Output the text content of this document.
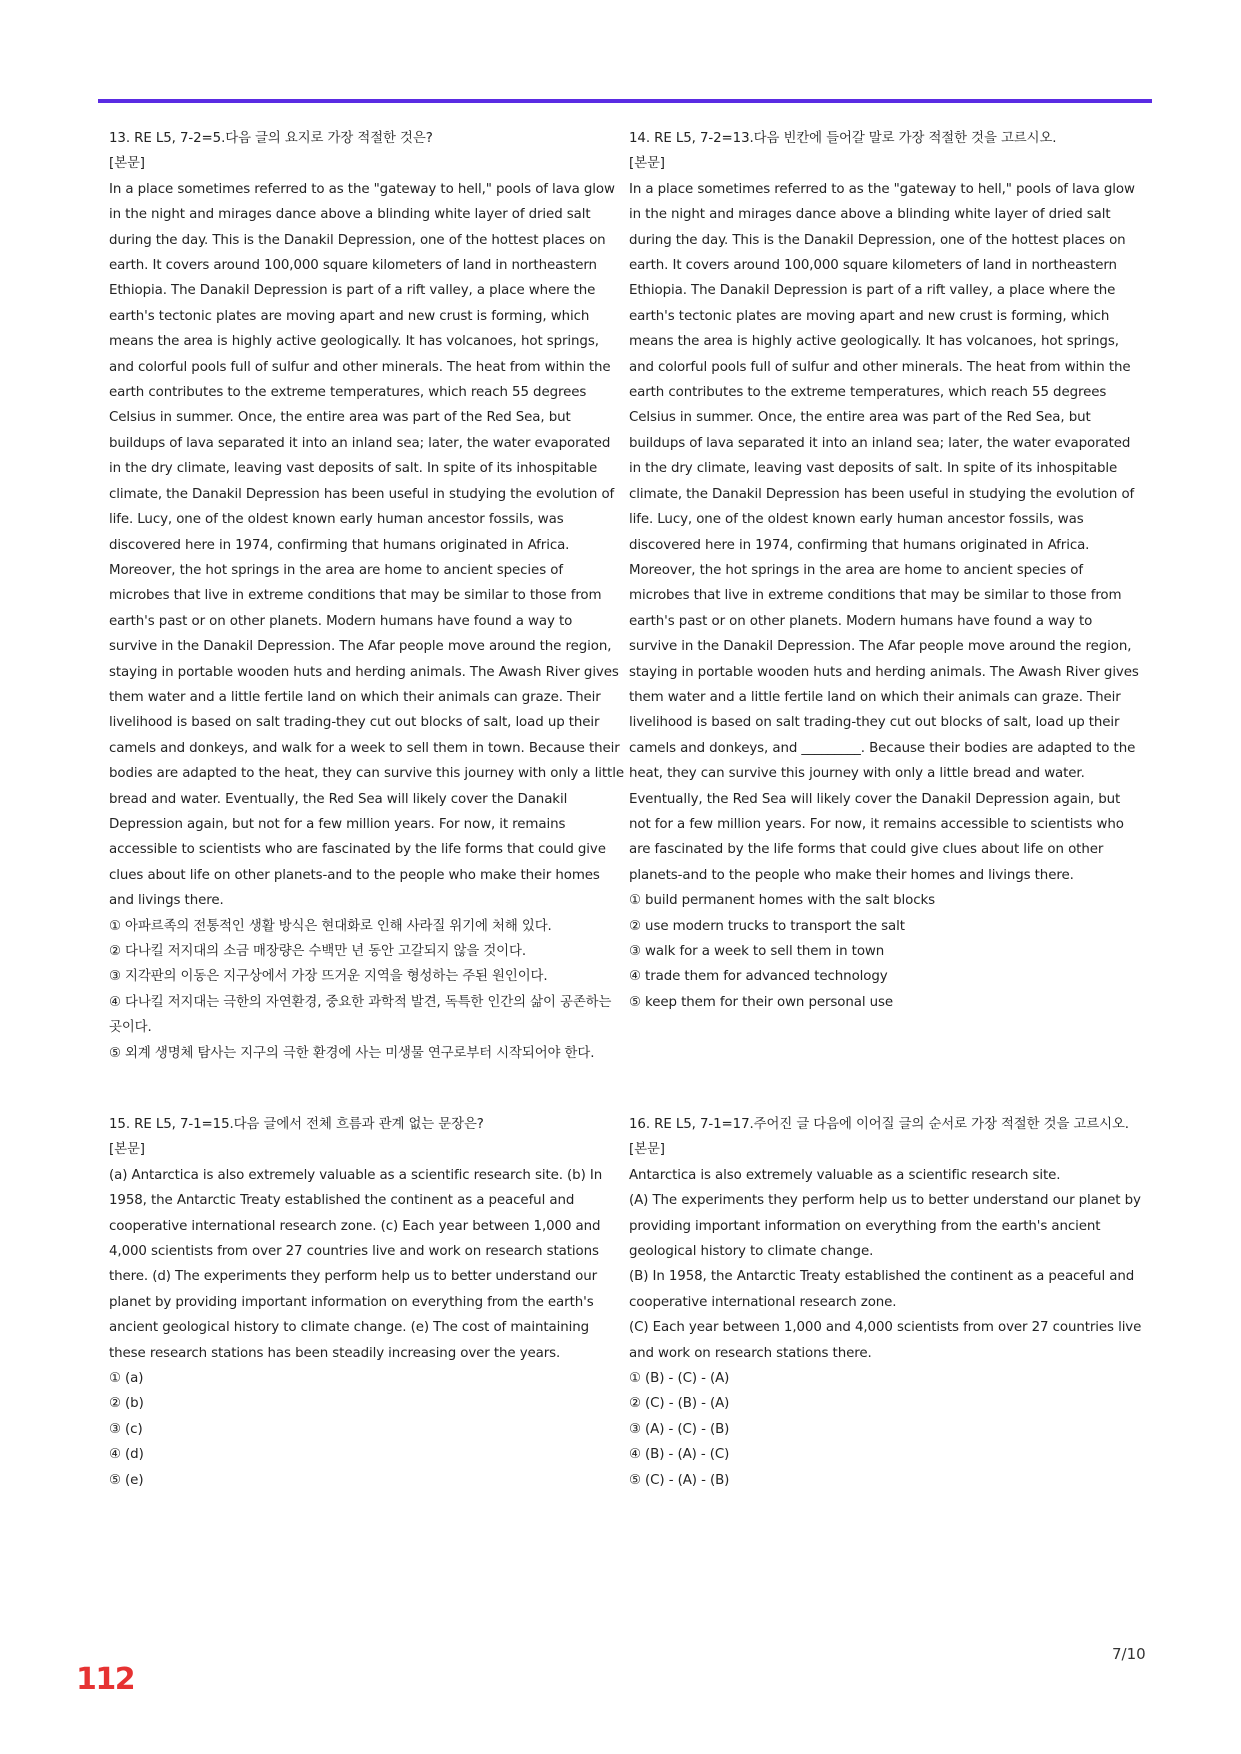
13. RE L5, 7-2=5.다음 글의 요지로 가장 적절한 것은?

[본문]

In a place sometimes referred to as the "gateway to hell," pools of lava glow in the night and mirages dance above a blinding white layer of dried salt during the day. This is the Danakil Depression, one of the hottest places on earth. It covers around 100,000 square kilometers of land in northeastern Ethiopia. The Danakil Depression is part of a rift valley, a place where the earth's tectonic plates are moving apart and new crust is forming, which means the area is highly active geologically. It has volcanoes, hot springs, and colorful pools full of sulfur and other minerals. The heat from within the earth contributes to the extreme temperatures, which reach 55 degrees Celsius in summer. Once, the entire area was part of the Red Sea, but buildups of lava separated it into an inland sea; later, the water evaporated in the dry climate, leaving vast deposits of salt. In spite of its inhospitable climate, the Danakil Depression has been useful in studying the evolution of life. Lucy, one of the oldest known early human ancestor fossils, was discovered here in 1974, confirming that humans originated in Africa. Moreover, the hot springs in the area are home to ancient species of microbes that live in extreme conditions that may be similar to those from earth's past or on other planets. Modern humans have found a way to survive in the Danakil Depression. The Afar people move around the region, staying in portable wooden huts and herding animals. The Awash River gives them water and a little fertile land on which their animals can graze. Their livelihood is based on salt trading-they cut out blocks of salt, load up their camels and donkeys, and walk for a week to sell them in town. Because their bodies are adapted to the heat, they can survive this journey with only a little bread and water. Eventually, the Red Sea will likely cover the Danakil Depression again, but not for a few million years. For now, it remains accessible to scientists who are fascinated by the life forms that could give clues about life on other planets-and to the people who make their homes and livings there.

① 아파르족의 전통적인 생활 방식은 현대화로 인해 사라질 위기에 처해 있다.

② 다나킬 저지대의 소금 매장량은 수백만 년 동안 고갈되지 않을 것이다.

③ 지각판의 이동은 지구상에서 가장 뜨거운 지역을 형성하는 주된 원인이다.

④ 다나킬 저지대는 극한의 자연환경, 중요한 과학적 발견, 독특한 인간의 삶이 공존하는 곳이다.

⑤ 외계 생명체 탐사는 지구의 극한 환경에 사는 미생물 연구로부터 시작되어야 한다.

14. RE L5, 7-2=13.다음 빈칸에 들어갈 말로 가장 적절한 것을 고르시오.

[본문]

In a place sometimes referred to as the "gateway to hell," pools of lava glow in the night and mirages dance above a blinding white layer of dried salt during the day. This is the Danakil Depression, one of the hottest places on earth. It covers around 100,000 square kilometers of land in northeastern Ethiopia. The Danakil Depression is part of a rift valley, a place where the earth's tectonic plates are moving apart and new crust is forming, which means the area is highly active geologically. It has volcanoes, hot springs, and colorful pools full of sulfur and other minerals. The heat from within the earth contributes to the extreme temperatures, which reach 55 degrees Celsius in summer. Once, the entire area was part of the Red Sea, but buildups of lava separated it into an inland sea; later, the water evaporated in the dry climate, leaving vast deposits of salt. In spite of its inhospitable climate, the Danakil Depression has been useful in studying the evolution of life. Lucy, one of the oldest known early human ancestor fossils, was discovered here in 1974, confirming that humans originated in Africa. Moreover, the hot springs in the area are home to ancient species of microbes that live in extreme conditions that may be similar to those from earth's past or on other planets. Modern humans have found a way to survive in the Danakil Depression. The Afar people move around the region, staying in portable wooden huts and herding animals. The Awash River gives them water and a little fertile land on which their animals can graze. Their livelihood is based on salt trading-they cut out blocks of salt, load up their camels and donkeys, and _________. Because their bodies are adapted to the heat, they can survive this journey with only a little bread and water. Eventually, the Red Sea will likely cover the Danakil Depression again, but not for a few million years. For now, it remains accessible to scientists who are fascinated by the life forms that could give clues about life on other planets-and to the people who make their homes and livings there.

① build permanent homes with the salt blocks

② use modern trucks to transport the salt

③ walk for a week to sell them in town

④ trade them for advanced technology

⑤ keep them for their own personal use

15. RE L5, 7-1=15.다음 글에서 전체 흐름과 관계 없는 문장은?

[본문]

(a) Antarctica is also extremely valuable as a scientific research site. (b) In 1958, the Antarctic Treaty established the continent as a peaceful and cooperative international research zone. (c) Each year between 1,000 and 4,000 scientists from over 27 countries live and work on research stations there. (d) The experiments they perform help us to better understand our planet by providing important information on everything from the earth's ancient geological history to climate change. (e) The cost of maintaining these research stations has been steadily increasing over the years.

① (a)

② (b)

③ (c)

④ (d)

⑤ (e)

16. RE L5, 7-1=17.주어진 글 다음에 이어질 글의 순서로 가장 적절한 것을 고르시오.

[본문]

Antarctica is also extremely valuable as a scientific research site.

(A) The experiments they perform help us to better understand our planet by providing important information on everything from the earth's ancient geological history to climate change.

(B) In 1958, the Antarctic Treaty established the continent as a peaceful and cooperative international research zone.

(C) Each year between 1,000 and 4,000 scientists from over 27 countries live and work on research stations there.

① (B) - (C) - (A)

② (C) - (B) - (A)

③ (A) - (C) - (B)

④ (B) - (A) - (C)

⑤ (C) - (A) - (B)

7/10
112
